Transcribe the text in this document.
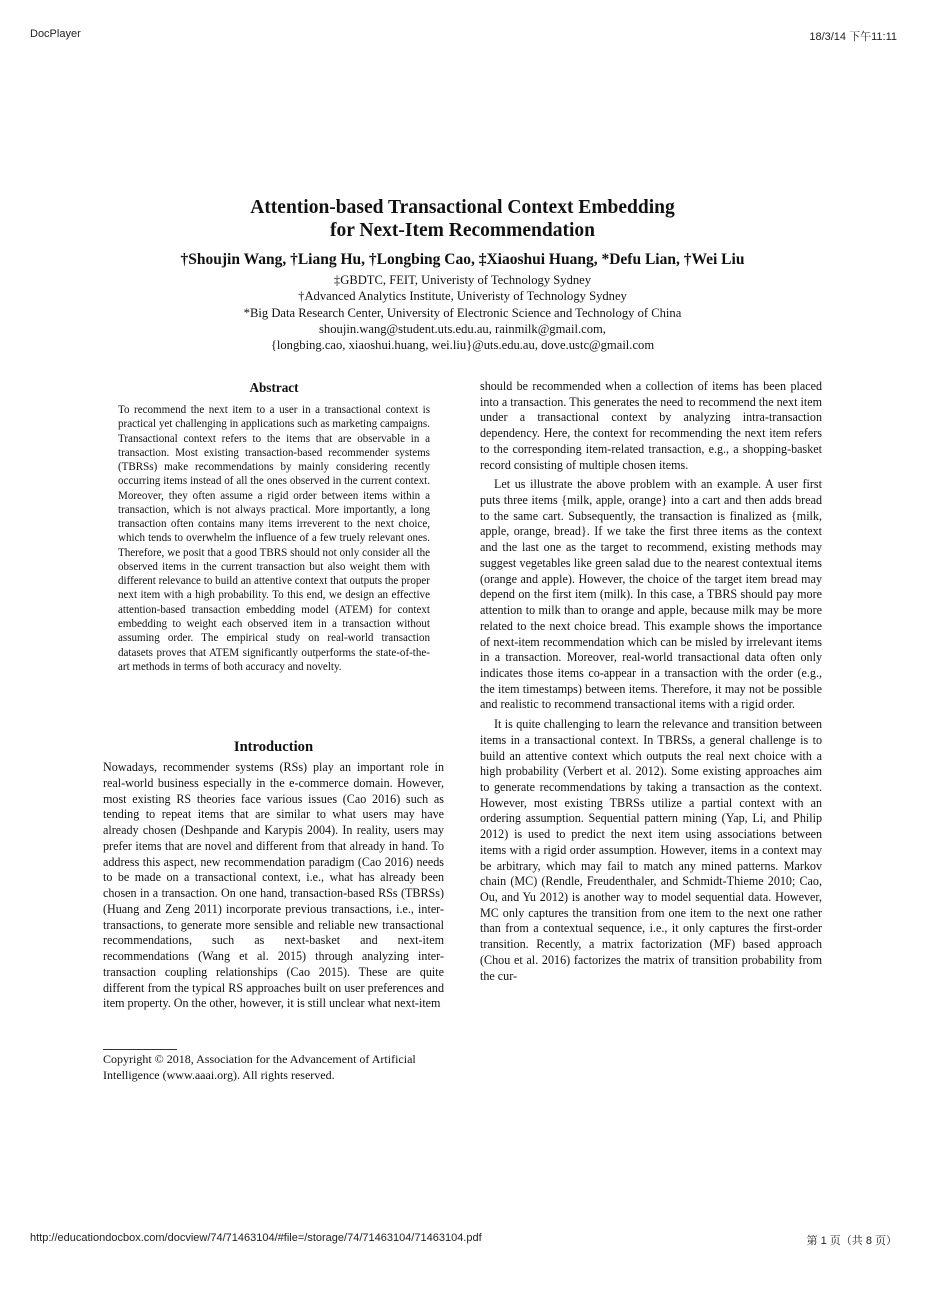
DocPlayer	18/3/14 下午11:11
Attention-based Transactional Context Embedding
for Next-Item Recommendation
†Shoujin Wang, †Liang Hu, †Longbing Cao, ‡Xiaoshui Huang, *Defu Lian, †Wei Liu
‡GBDTC, FEIT, Univeristy of Technology Sydney
†Advanced Analytics Institute, Univeristy of Technology Sydney
*Big Data Research Center, University of Electronic Science and Technology of China
shoujin.wang@student.uts.edu.au, rainmilk@gmail.com,
{longbing.cao, xiaoshui.huang, wei.liu}@uts.edu.au, dove.ustc@gmail.com
Abstract
To recommend the next item to a user in a transactional context is practical yet challenging in applications such as marketing campaigns. Transactional context refers to the items that are observable in a transaction. Most existing transaction-based recommender systems (TBRSs) make recommendations by mainly considering recently occurring items instead of all the ones observed in the current context. Moreover, they often assume a rigid order between items within a transaction, which is not always practical. More importantly, a long transaction often contains many items irreverent to the next choice, which tends to overwhelm the influence of a few truely relevant ones. Therefore, we posit that a good TBRS should not only consider all the observed items in the current transaction but also weight them with different relevance to build an attentive context that outputs the proper next item with a high probability. To this end, we design an effective attention-based transaction embedding model (ATEM) for context embedding to weight each observed item in a transaction without assuming order. The empirical study on real-world transaction datasets proves that ATEM significantly outperforms the state-of-the-art methods in terms of both accuracy and novelty.
Introduction
Nowadays, recommender systems (RSs) play an important role in real-world business especially in the e-commerce domain. However, most existing RS theories face various issues (Cao 2016) such as tending to repeat items that are similar to what users may have already chosen (Deshpande and Karypis 2004). In reality, users may prefer items that are novel and different from that already in hand. To address this aspect, new recommendation paradigm (Cao 2016) needs to be made on a transactional context, i.e., what has already been chosen in a transaction. On one hand, transaction-based RSs (TBRSs) (Huang and Zeng 2011) incorporate previous transactions, i.e., inter-transactions, to generate more sensible and reliable new transactional recommendations, such as next-basket and next-item recommendations (Wang et al. 2015) through analyzing inter-transaction coupling relationships (Cao 2015). These are quite different from the typical RS approaches built on user preferences and item property. On the other, however, it is still unclear what next-item
Copyright © 2018, Association for the Advancement of Artificial Intelligence (www.aaai.org). All rights reserved.

should be recommended when a collection of items has been placed into a transaction. This generates the need to recommend the next item under a transactional context by analyzing intra-transaction dependency. Here, the context for recommending the next item refers to the corresponding item-related transaction, e.g., a shopping-basket record consisting of multiple chosen items.

Let us illustrate the above problem with an example. A user first puts three items {milk, apple, orange} into a cart and then adds bread to the same cart. Subsequently, the transaction is finalized as {milk, apple, orange, bread}. If we take the first three items as the context and the last one as the target to recommend, existing methods may suggest vegetables like green salad due to the nearest contextual items (orange and apple). However, the choice of the target item bread may depend on the first item (milk). In this case, a TBRS should pay more attention to milk than to orange and apple, because milk may be more related to the next choice bread. This example shows the importance of next-item recommendation which can be misled by irrelevant items in a transaction. Moreover, real-world transactional data often only indicates those items co-appear in a transaction with the order (e.g., the item timestamps) between items. Therefore, it may not be possible and realistic to recommend transactional items with a rigid order.

It is quite challenging to learn the relevance and transition between items in a transactional context. In TBRSs, a general challenge is to build an attentive context which outputs the real next choice with a high probability (Verbert et al. 2012). Some existing approaches aim to generate recommendations by taking a transaction as the context. However, most existing TBRSs utilize a partial context with an ordering assumption. Sequential pattern mining (Yap, Li, and Philip 2012) is used to predict the next item using associations between items with a rigid order assumption. However, items in a context may be arbitrary, which may fail to match any mined patterns. Markov chain (MC) (Rendle, Freudenthaler, and Schmidt-Thieme 2010; Cao, Ou, and Yu 2012) is another way to model sequential data. However, MC only captures the transition from one item to the next one rather than from a contextual sequence, i.e., it only captures the first-order transition. Recently, a matrix factorization (MF) based approach (Chou et al. 2016) factorizes the matrix of transition probability from the cur-

http://educationdocbox.com/docview/74/71463104/#file=/storage/74/71463104/71463104.pdf	第 1 页（共 8 页）
